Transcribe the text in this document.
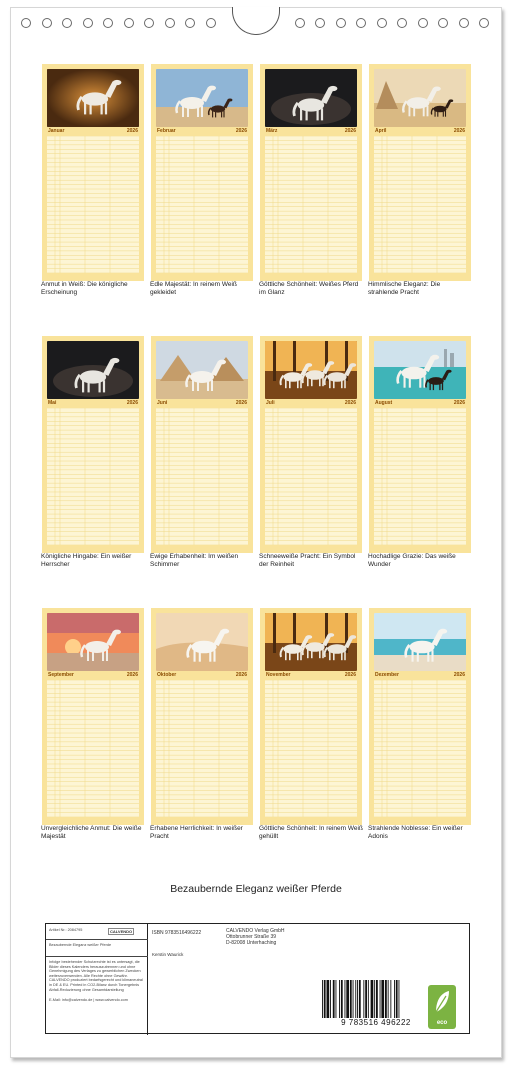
Januar	2026
Anmut in Weiß: Die königliche Erscheinung
Februar	2026
Edle Majestät: In reinem Weiß gekleidet
März	2026
Göttliche Schönheit: Weißes Pferd im Glanz
April	2026
Himmlische Eleganz: Die strahlende Pracht
Mai	2026
Königliche Hingabe: Ein weißer Herrscher
Juni	2026
Ewige Erhabenheit: Im weißen Schimmer
Juli	2026
Schneeweiße Pracht: Ein Symbol der Reinheit
August	2026
Hochadlige Grazie: Das weiße Wunder
September	2026
Unvergleichliche Anmut: Die weiße Majestät
Oktober	2026
Erhabene Herrlichkeit: In weißer Pracht
November	2026
Göttliche Schönheit: In reinem Weiß gehüllt
Dezember	2026
Strahlende Noblesse: Ein weißer Adonis
Bezaubernde Eleganz weißer Pferde
Artikel Nr.: 2084795	CALVENDO
Bezaubernde Eleganz weißer Pferde
Infolge bestehender Schutzrechte ist es untersagt, die Bilder dieses Kalenders herauszutrennen und ohne Genehmigung des Verlages zu gewerblichen Zwecken weiterzuverwenden. Alle Rechte ohne Gewähr. CALVENDO produziert bedarfsgerecht und klimaneutral in DE & EU. Printed in CO2-Bilanz durch Tonergebnis Abfall-Reduzierung ohne Gesamtdarstellung
E-Mail: info@calvendo.de | www.calvendo.com
ISBN 9783516496222	CALVENDO Verlag GmbH
Ottobrunner Straße 39
D-82008 Unterhaching
Kerstin Waurick
9 783516 496222	eco
